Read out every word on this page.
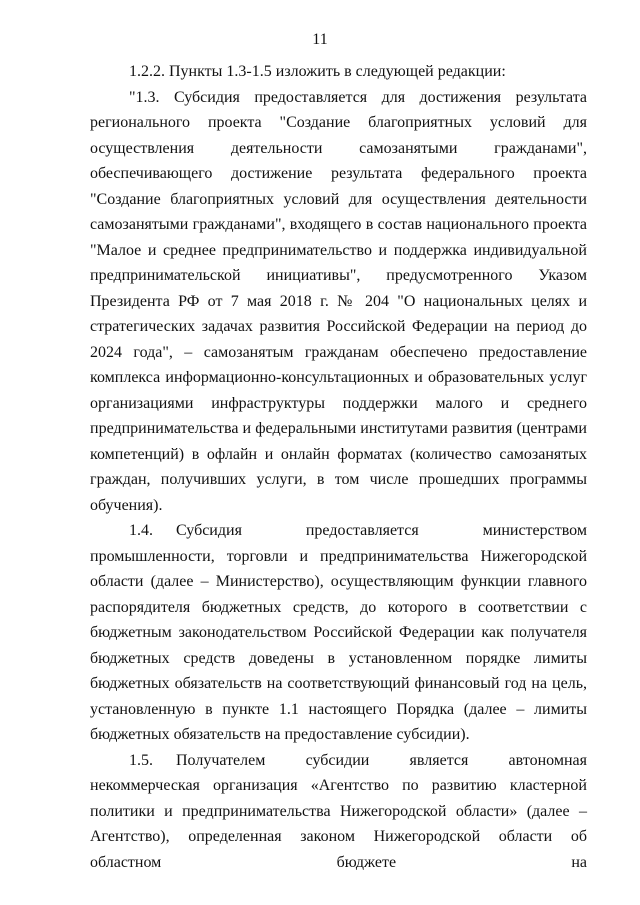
11

1.2.2. Пункты 1.3-1.5 изложить в следующей редакции:

"1.3. Субсидия предоставляется для достижения результата регионального проекта "Создание благоприятных условий для осуществления деятельности самозанятыми гражданами", обеспечивающего достижение результата федерального проекта "Создание благоприятных условий для осуществления деятельности самозанятыми гражданами", входящего в состав национального проекта "Малое и среднее предпринимательство и поддержка индивидуальной предпринимательской инициативы", предусмотренного Указом Президента РФ от 7 мая 2018 г. № 204 "О национальных целях и стратегических задачах развития Российской Федерации на период до 2024 года", – самозанятым гражданам обеспечено предоставление комплекса информационно-консультационных и образовательных услуг организациями инфраструктуры поддержки малого и среднего предпринимательства и федеральными институтами развития (центрами компетенций) в офлайн и онлайн форматах (количество самозанятых граждан, получивших услуги, в том числе прошедших программы обучения).

1.4. Субсидия предоставляется министерством промышленности, торговли и предпринимательства Нижегородской области (далее – Министерство), осуществляющим функции главного распорядителя бюджетных средств, до которого в соответствии с бюджетным законодательством Российской Федерации как получателя бюджетных средств доведены в установленном порядке лимиты бюджетных обязательств на соответствующий финансовый год на цель, установленную в пункте 1.1 настоящего Порядка (далее – лимиты бюджетных обязательств на предоставление субсидии).

1.5. Получателем субсидии является автономная некоммерческая организация «Агентство по развитию кластерной политики и предпринимательства Нижегородской области» (далее – Агентство), определенная законом Нижегородской области об областном бюджете на
